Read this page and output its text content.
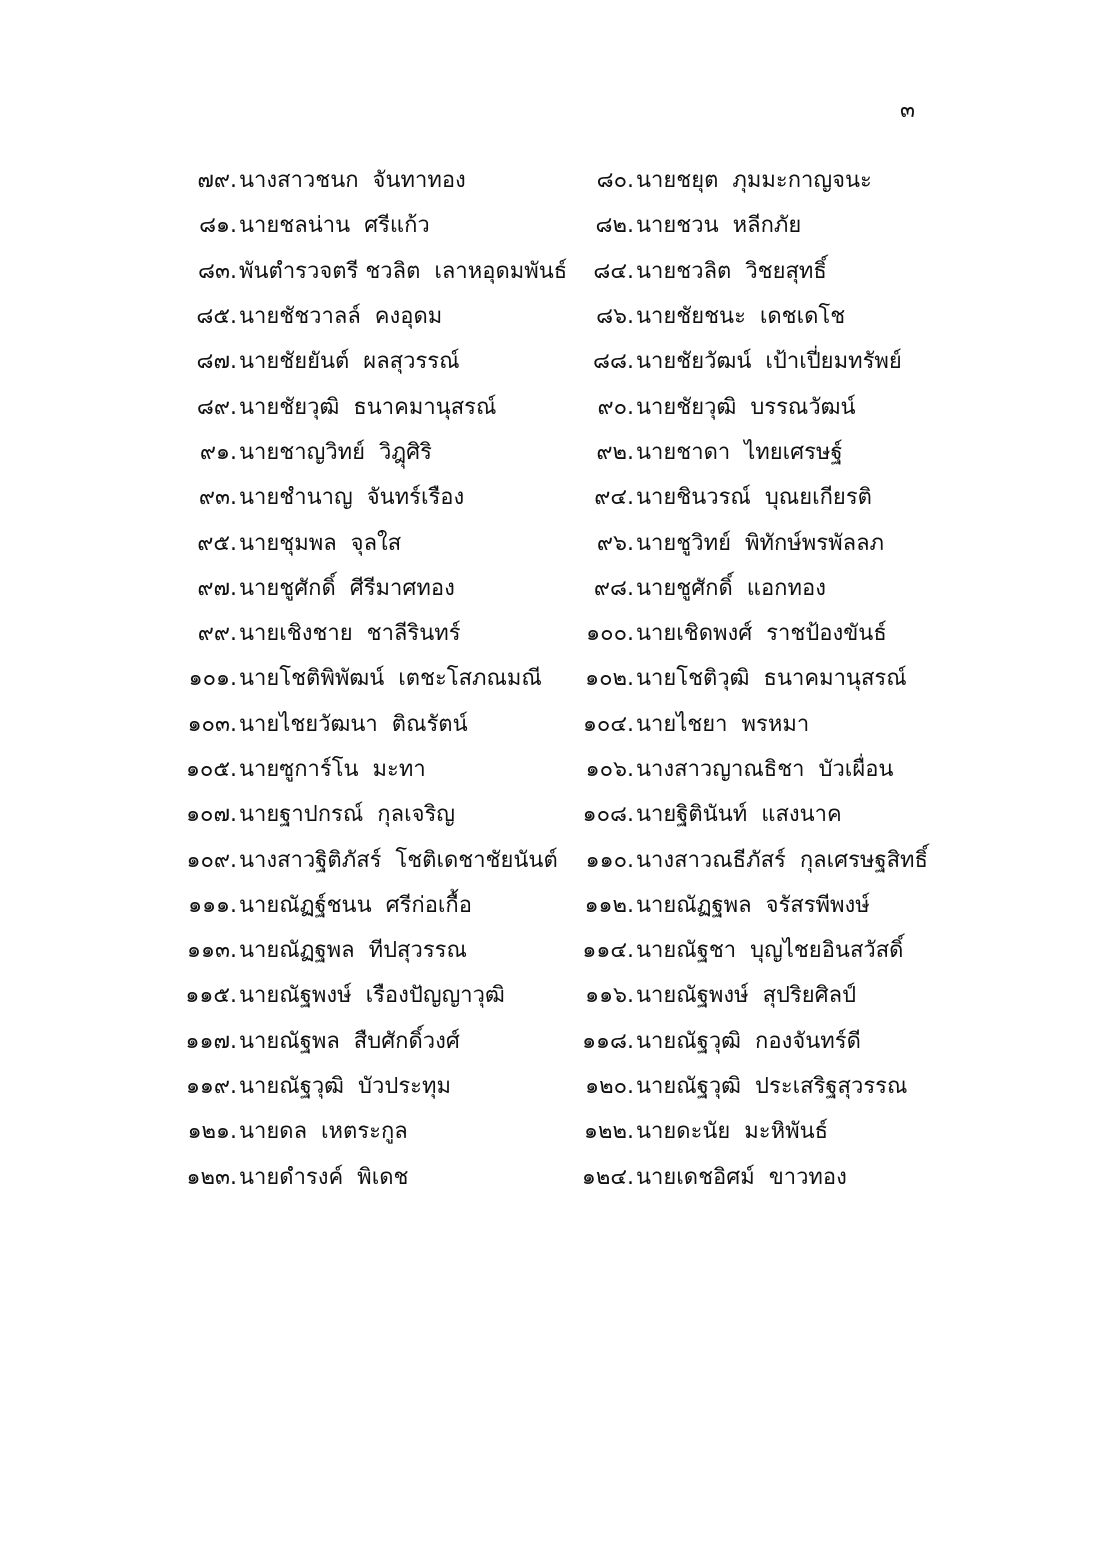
๓
๗๙. นางสาวชนก  จันทาทอง	๘๐. นายชยุต  ภุมมะกาญจนะ
๘๑. นายชลน่าน  ศรีแก้ว	๘๒. นายชวน  หลีกภัย
๘๓. พันตำรวจตรี ชวลิต  เลาหอุดมพันธ์	๘๔. นายชวลิต  วิชยสุทธิ์
๘๕. นายชัชวาลล์  คงอุดม	๘๖. นายชัยชนะ  เดชเดโช
๘๗. นายชัยยันต์  ผลสุวรรณ์	๘๘. นายชัยวัฒน์  เป้าเปี่ยมทรัพย์
๘๙. นายชัยวุฒิ  ธนาคมานุสรณ์	๙๐. นายชัยวุฒิ  บรรณวัฒน์
๙๑. นายชาญวิทย์  วิฎุศิริ	๙๒. นายชาดา  ไทยเศรษฐ์
๙๓. นายชำนาญ  จันทร์เรือง	๙๔. นายชินวรณ์  บุณยเกียรติ
๙๕. นายชุมพล  จุลใส	๙๖. นายชูวิทย์  พิทักษ์พรพัลลภ
๙๗. นายชูศักดิ์  ศีรีมาศทอง	๙๘. นายชูศักดิ์  แอกทอง
๙๙. นายเชิงชาย  ชาลีรินทร์	๑๐๐. นายเชิดพงศ์  ราชป้องขันธ์
๑๐๑. นายโชติพิพัฒน์  เตชะโสภณมณี	๑๐๒. นายโชติวุฒิ  ธนาคมานุสรณ์
๑๐๓. นายไชยวัฒนา  ติณรัตน์	๑๐๔. นายไชยา  พรหมา
๑๐๕. นายซูการ์โน  มะทา	๑๐๖. นางสาวญาณธิชา  บัวเผื่อน
๑๐๗. นายฐาปกรณ์  กุลเจริญ	๑๐๘. นายฐิตินันท์  แสงนาค
๑๐๙. นางสาวฐิติภัสร์  โชติเดชาชัยนันต์	๑๑๐. นางสาวณธีภัสร์  กุลเศรษฐสิทธิ์
๑๑๑. นายณัฏฐ์ชนน  ศรีก่อเกื้อ	๑๑๒. นายณัฏฐพล  จรัสรพีพงษ์
๑๑๓. นายณัฏฐพล  ทีปสุวรรณ	๑๑๔. นายณัฐชา  บุญไชยอินสวัสดิ์
๑๑๕. นายณัฐพงษ์  เรืองปัญญาวุฒิ	๑๑๖. นายณัฐพงษ์  สุปริยศิลป์
๑๑๗. นายณัฐพล  สืบศักดิ์วงศ์	๑๑๘. นายณัฐวุฒิ  กองจันทร์ดี
๑๑๙. นายณัฐวุฒิ  บัวประทุม	๑๒๐. นายณัฐวุฒิ  ประเสริฐสุวรรณ
๑๒๑. นายดล  เหตระกูล	๑๒๒. นายดะนัย  มะหิพันธ์
๑๒๓. นายดำรงค์  พิเดช	๑๒๔. นายเดชอิศม์  ขาวทอง
